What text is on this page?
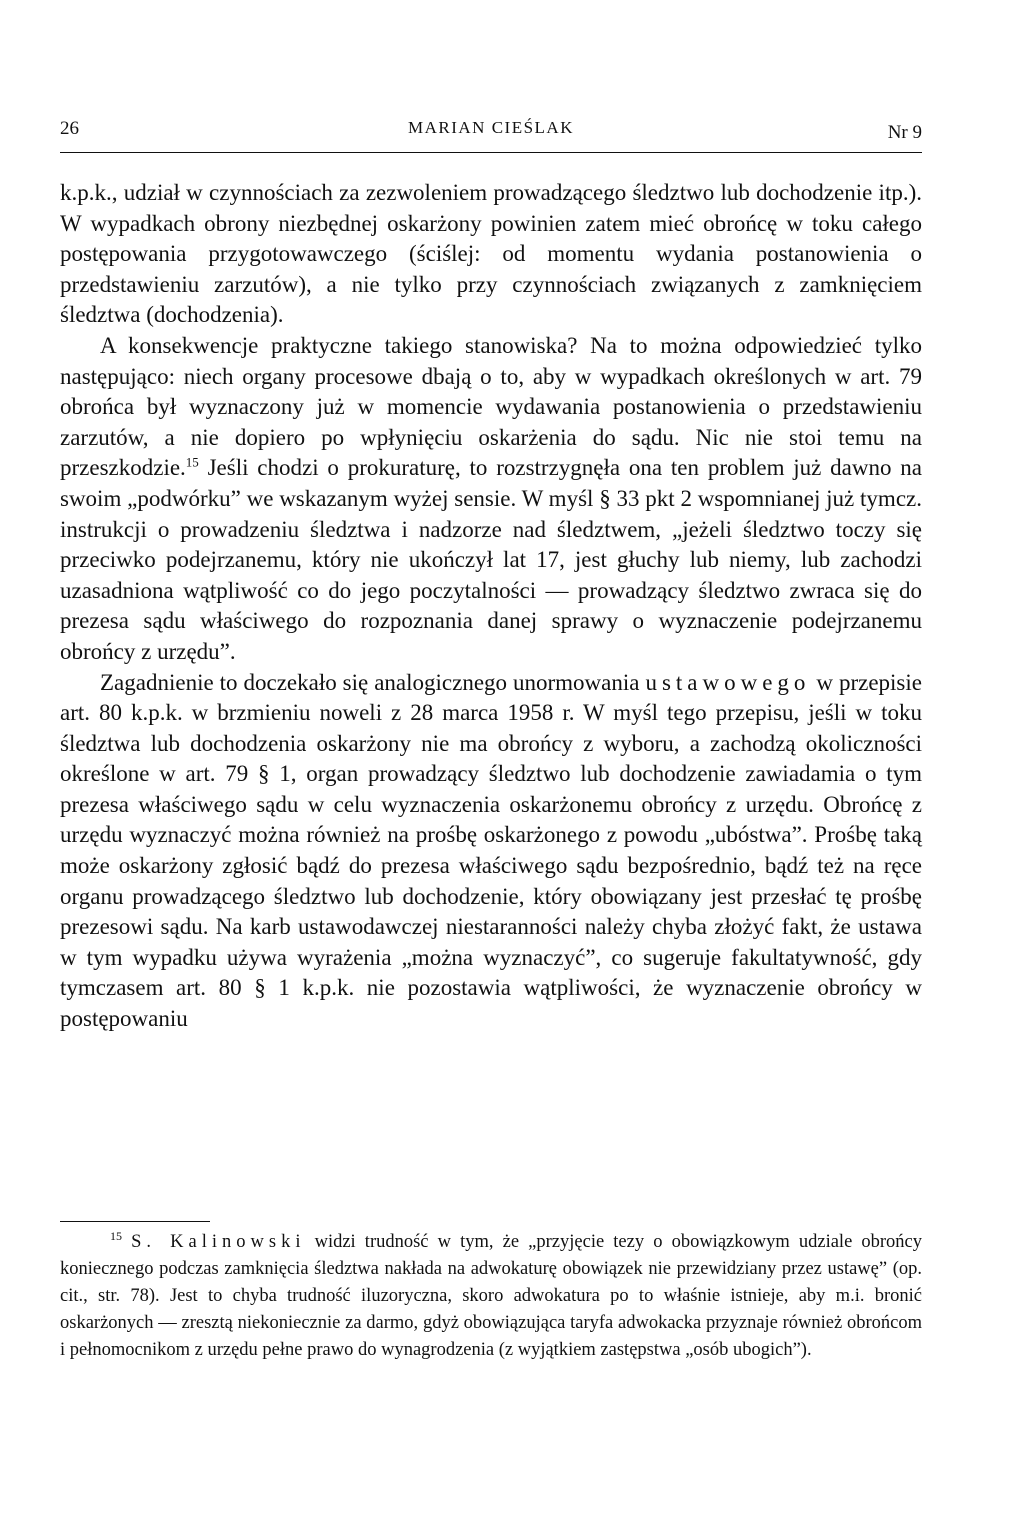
26	MARIAN CIEŚLAK	Nr 9

k.p.k., udział w czynnościach za zezwoleniem prowadzącego śledztwo lub dochodzenie itp.). W wypadkach obrony niezbędnej oskarżony powinien zatem mieć obrońcę w toku całego postępowania przygotowawczego (ściślej: od momentu wydania postanowienia o przedstawieniu zarzutów), a nie tylko przy czynnościach związanych z zamknięciem śledztwa (dochodzenia).

A konsekwencje praktyczne takiego stanowiska? Na to można odpowiedzieć tylko następująco: niech organy procesowe dbają o to, aby w wypadkach określonych w art. 79 obrońca był wyznaczony już w momencie wydawania postanowienia o przedstawieniu zarzutów, a nie dopiero po wpłynięciu oskarżenia do sądu. Nic nie stoi temu na przeszkodzie.$^{15}$ Jeśli chodzi o prokuraturę, to rozstrzygnęła ona ten problem już dawno na swoim „podwórku” we wskazanym wyżej sensie. W myśl § 33 pkt 2 wspomnianej już tymcz. instrukcji o prowadzeniu śledztwa i nadzorze nad śledztwem, „jeżeli śledztwo toczy się przeciwko podejrzanemu, który nie ukończył lat 17, jest głuchy lub niemy, lub zachodzi uzasadniona wątpliwość co do jego poczytalności — prowadzący śledztwo zwraca się do prezesa sądu właściwego do rozpoznania danej sprawy o wyznaczenie podejrzanemu obrońcy z urzędu”.

Zagadnienie to doczekało się analogicznego unormowania ustawowego w przepisie art. 80 k.p.k. w brzmieniu noweli z 28 marca 1958 r. W myśl tego przepisu, jeśli w toku śledztwa lub dochodzenia oskarżony nie ma obrońcy z wyboru, a zachodzą okoliczności określone w art. 79 § 1, organ prowadzący śledztwo lub dochodzenie zawiadamia o tym prezesa właściwego sądu w celu wyznaczenia oskarżonemu obrońcy z urzędu. Obrońcę z urzędu wyznaczyć można również na prośbę oskarżonego z powodu „ubóstwa”. Prośbę taką może oskarżony zgłosić bądź do prezesa właściwego sądu bezpośrednio, bądź też na ręce organu prowadzącego śledztwo lub dochodzenie, który obowiązany jest przesłać tę prośbę prezesowi sądu. Na karb ustawodawczej niestaranności należy chyba złożyć fakt, że ustawa w tym wypadku używa wyrażenia „można wyznaczyć”, co sugeruje fakultatywność, gdy tymczasem art. 80 § 1 k.p.k. nie pozostawia wątpliwości, że wyznaczenie obrońcy w postępowaniu

$^{15}$ S. Kalinowski widzi trudność w tym, że „przyjęcie tezy o obowiązkowym udziale obrońcy koniecznego podczas zamknięcia śledztwa nakłada na adwokaturę obowiązek nie przewidziany przez ustawę” (op. cit., str. 78). Jest to chyba trudność iluzoryczna, skoro adwokatura po to właśnie istnieje, aby m.i. bronić oskarżonych — zresztą niekoniecznie za darmo, gdyż obowiązująca taryfa adwokacka przyznaje również obrońcom i pełnomocnikom z urzędu pełne prawo do wynagrodzenia (z wyjątkiem zastępstwa „osób ubogich”).
